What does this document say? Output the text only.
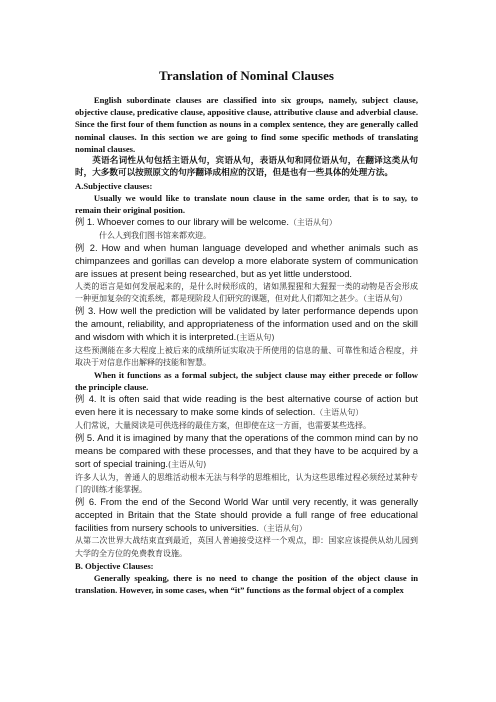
Translation of Nominal Clauses

English subordinate clauses are classified into six groups, namely, subject clause, objective clause, predicative clause, appositive clause, attributive clause and adverbial clause. Since the first four of them function as nouns in a complex sentence, they are generally called nominal clauses. In this section we are going to find some specific methods of translating nominal clauses.

英语名词性从句包括主语从句，宾语从句，表语从句和同位语从句，在翻译这类从句时，大多数可以按照原文的句序翻译成相应的汉语，但是也有一些具体的处理方法。

A.Subjective clauses:

Usually we would like to translate noun clause in the same order, that is to say, to remain their original position.

例 1. Whoever comes to our library will be welcome.（主语从句）

什么人到我们图书馆来都欢迎。

例 2. How and when human language developed and whether animals such as chimpanzees and gorillas can develop a more elaborate system of communication are issues at present being researched, but as yet little understood.

人类的语言是如何发展起来的，是什么时候形成的，诸如黑猩猩和大猩猩一类的动物是否会形成一种更加复杂的交流系统，都是现阶段人们研究的课题，但对此人们都知之甚少。（主语从句）

例 3. How well the prediction will be validated by later performance depends upon the amount, reliability, and appropriateness of the information used and on the skill and wisdom with which it is interpreted.(主语从句)

这些预测能在多大程度上被后来的成绩所证实取决于所使用的信息的量、可靠性和适合程度，并取决于对信息作出解释的技能和智慧。

When it functions as a formal subject, the subject clause may either precede or follow the principle clause.

例 4. It is often said that wide reading is the best alternative course of action but even here it is necessary to make some kinds of selection.（主语从句）

人们常说，大量阅读是可供选择的最佳方案，但即使在这一方面，也需要某些选择。

例 5. And it is imagined by many that the operations of the common mind can by no means be compared with these processes, and that they have to be acquired by a sort of special training.(主语从句)

许多人认为，普通人的思维活动根本无法与科学的思维相比，认为这些思维过程必须经过某种专门的训练才能掌握。

例 6. From the end of the Second World War until very recently, it was generally accepted in Britain that the State should provide a full range of free educational facilities from nursery schools to universities.（主语从句）

从第二次世界大战结束直到最近，英国人普遍接受这样一个观点，即：国家应该提供从幼儿园到大学的全方位的免费教育设施。

B. Objective Clauses:

Generally speaking, there is no need to change the position of the object clause in translation. However, in some cases, when “it” functions as the formal object of a complex
